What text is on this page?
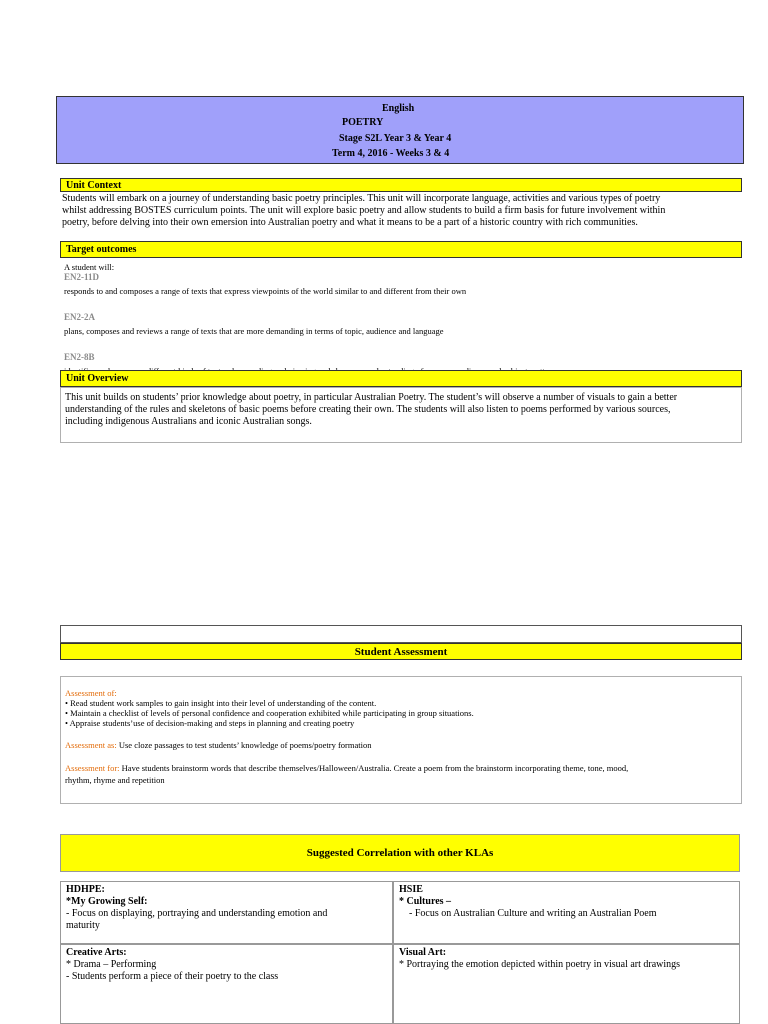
English
POETRY
Stage S2L Year 3 & Year 4
Term 4, 2016 - Weeks 3 & 4
Unit Context
Students will embark on a journey of understanding basic poetry principles. This unit will incorporate language, activities and various types of poetry
whilst addressing BOSTES curriculum points. The unit will explore basic poetry and allow students to build a firm basis for future involvement within
poetry, before delving into their own emersion into Australian poetry and what it means to be a part of a historic country with rich communities.
Target outcomes
A student will:
EN2-11D
responds to and composes a range of texts that express viewpoints of the world similar to and different from their own
EN2-2A
plans, composes and reviews a range of texts that are more demanding in terms of topic, audience and language
EN2-8B
Unit Overview
This unit builds on students’ prior knowledge about poetry, in particular Australian Poetry. The student’s will observe a number of visuals to gain a better
understanding of the rules and skeletons of basic poems before creating their own. The students will also listen to poems performed by various sources,
including indigenous Australians and iconic Australian songs.
Student Assessment
Assessment of:
• Read student work samples to gain insight into their level of understanding of the content.
• Maintain a checklist of levels of personal confidence and cooperation exhibited while participating in group situations.
• Appraise students’use of decision-making and steps in planning and creating poetry
Assessment as: Use cloze passages to test students’ knowledge of poems/poetry formation
Assessment for: Have students brainstorm words that describe themselves/Halloween/Australia. Create a poem from the brainstorm incorporating theme, tone, mood,
rhythm, rhyme and repetition
Suggested Correlation with other KLAs
HDHPE:
*My Growing Self:
- Focus on displaying, portraying and understanding emotion and
maturity
HSIE
* Cultures –
- Focus on Australian Culture and writing an Australian Poem
Creative Arts:
* Drama – Performing
- Students perform a piece of their poetry to the class
Visual Art:
* Portraying the emotion depicted within poetry in visual art drawings
